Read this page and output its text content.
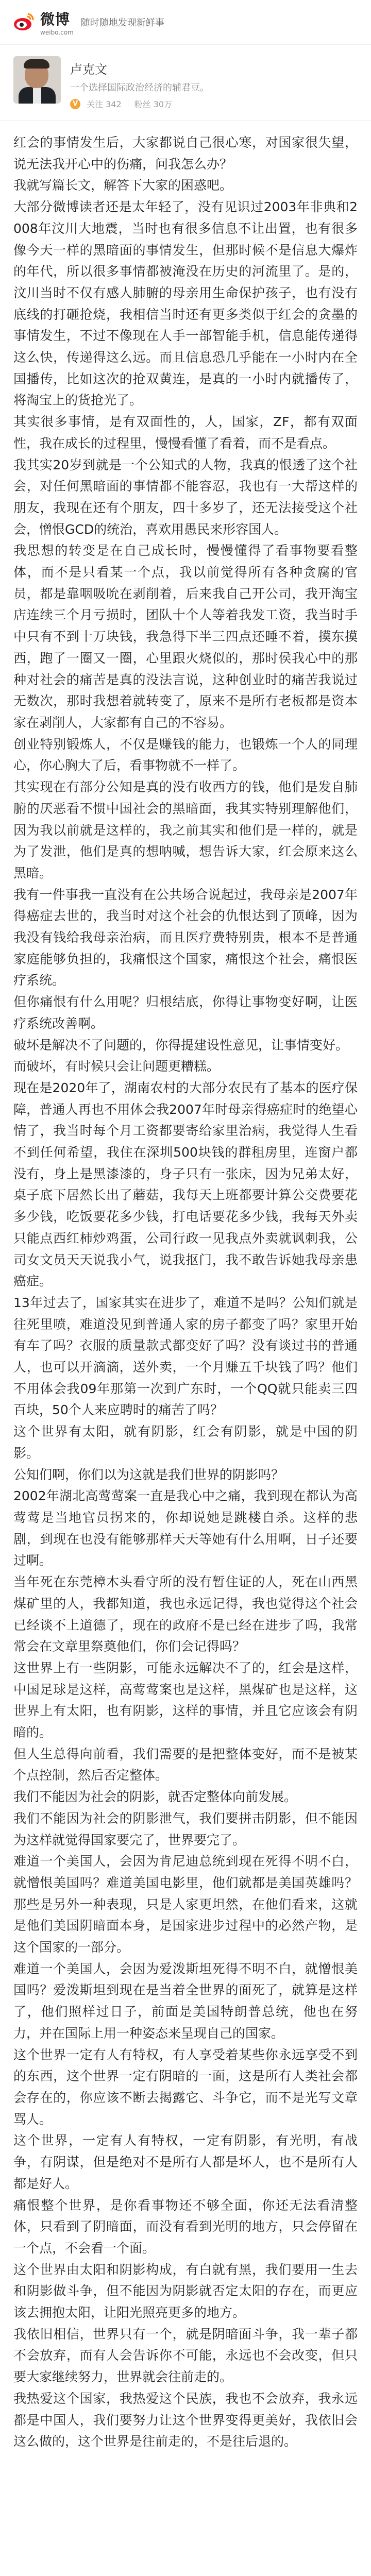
微博
weibo.com
随时随地发现新鲜事
卢克文
一个选择国际政治经济的辅君豆。
V	关注 342 粉丝 30万

红会的事情发生后，大家都说自己很心寒，对国家很失望，说无法我开心中的伤痛，问我怎么办？

我就写篇长文，解答下大家的困惑吧。

大部分微博读者还是太年轻了，没有见识过2003年非典和2008年汶川大地震，当时也有很多信息不让出置，也有很多像今天一样的黑暗面的事情发生，但那时候不是信息大爆炸的年代，所以很多事情都被淹没在历史的河流里了。是的，汶川当时不仅有感人肺腑的母亲用生命保护孩子，也有没有底线的打砸抢烧，我相信当时还有更多类似于红会的贪墨的事情发生，不过不像现在人手一部智能手机，信息能传递得这么快，传递得这么远。而且信息恐几乎能在一小时内在全国播传，比如这次的抢双黄连，是真的一小时内就播传了，将淘宝上的货抢光了。

其实很多事情，是有双面性的，人，国家，ZF，都有双面性，我在成长的过程里，慢慢看懂了看着，而不是看点。

我其实20岁到就是一个公知式的人物，我真的恨透了这个社会，对任何黑暗面的事情都不能容忍，我也有一大帮这样的朋友，我现在还有个朋友，四十多岁了，还无法接受这个社会，憎恨GCD的统治，喜欢用愚民来形容国人。

我思想的转变是在自己成长时，慢慢懂得了看事物要看整体，而不是只看某一个点，我以前觉得所有各种贪腐的官员，都是靠咽吸吮在剥削着，后来我自己开公司，我开淘宝店连续三个月亏损时，团队十个人等着我发工资，我当时手中只有不到十万块钱，我急得下半三四点还睡不着，摸东摸西，跑了一圈又一圈，心里跟火烧似的，那时侯我心中的那种对社会的痛苦是真的没法言说，这种创业时的痛苦我说过无数次，那时我想着就转变了，原来不是所有老板都是资本家在剥削人，大家都有自己的不容易。

创业特别锻炼人，不仅是赚钱的能力，也锻炼一个人的同理心，你心胸大了后，看事物就不一样了。

其实现在有部分公知是真的没有收西方的钱，他们是发自肺腑的厌恶看不惯中国社会的黑暗面，我其实特别理解他们，因为我以前就是这样的，我之前其实和他们是一样的，就是为了发泄，他们是真的想呐喊，想告诉大家，红会原来这么黑暗。

我有一件事我一直没有在公共场合说起过，我母亲是2007年得癌症去世的，我当时对这个社会的仇恨达到了顶峰，因为我没有钱给我母亲治病，而且医疗费特别贵，根本不是普通家庭能够负担的，我痛恨这个国家，痛恨这个社会，痛恨医疗系统。

但你痛恨有什么用呢？归根结底，你得让事物变好啊，让医疗系统改善啊。

破坏是解决不了问题的，你得提建设性意见，让事情变好。

而破坏，有时候只会让问题更糟糕。

现在是2020年了，湖南农村的大部分农民有了基本的医疗保障，普通人再也不用体会我2007年时母亲得癌症时的绝望心情了，我当时每个月工资都要寄给家里治病，我觉得人生看不到任何希望，我住在深圳500块钱的群租房里，连窗户都没有，身上是黑漆漆的，身子只有一张床，因为兄弟太好，桌子底下居然长出了蘑菇，我每天上班都要计算公交费要花多少钱，吃饭要花多少钱，打电话要花多少钱，我每天外卖只能点西红柿炒鸡蛋，公司行政一见我点外卖就讽刺我，公司女文员天天说我小气，说我抠门，我不敢告诉她我母亲患癌症。

13年过去了，国家其实在进步了，难道不是吗？公知们就是往死里喷，难道没见到普通人家的房子都变了吗？家里开始有车了吗？衣服的质量款式都变好了吗？没有谈过书的普通人，也可以开滴滴，送外卖，一个月赚五千块钱了吗？他们不用体会我09年那第一次到广东时，一个QQ就只能卖三四百块，50个人来应聘时的痛苦了吗？

这个世界有太阳，就有阴影，红会有阴影，就是中国的阴影。

公知们啊，你们以为这就是我们世界的阴影吗？

2002年湖北高莺莺案一直是我心中之痛，我到现在都认为高莺莺是当地官员拐来的，你却说她是跳楼自杀。这样的悲剧，到现在也没有能够那样天天等她有什么用啊，日子还要过啊。

当年死在东莞樟木头看守所的没有暂住证的人，死在山西黑煤矿里的人，我都知道，我也永远记得，我也觉得这个社会已经谈不上道德了，现在的政府不是已经在进步了吗，我常常会在文章里祭奠他们，你们会记得吗？

这世界上有一些阴影，可能永远解决不了的，红会是这样，中国足球是这样，高莺莺案也是这样，黑煤矿也是这样，这世界上有太阳，也有阴影，这样的事情，并且它应该会有阴暗的。

但人生总得向前看，我们需要的是把整体变好，而不是被某个点控制，然后否定整体。

我们不能因为社会的阴影，就否定整体向前发展。

我们不能因为社会的阴影泄气，我们要拼击阴影，但不能因为这样就觉得国家要完了，世界要完了。

难道一个美国人，会因为肯尼迪总统到现在死得不明不白，就憎恨美国吗？难道美国电影里，他们就都是美国英雄吗？那些是另外一种表现，只是人家更坦然，在他们看来，这就是他们美国阴暗面本身，是国家进步过程中的必然产物，是这个国家的一部分。

难道一个美国人，会因为爱泼斯坦死得不明不白，就憎恨美国吗？爱泼斯坦到现在是当着全世界的面死了，就算是这样了，他们照样过日子，前面是美国特朗普总统，他也在努力，并在国际上用一种姿态来呈现自己的国家。

这个世界一定有人有特权，有人享受着某些你永远享受不到的东西，这个世界一定有阴暗的一面，这是所有人类社会都会存在的，你应该不断去揭露它、斗争它，而不是光写文章骂人。

这个世界，一定有人有特权，一定有阴影，有光明，有战争，有阴谋，但是绝对不是所有人都是坏人，也不是所有人都是好人。

痛恨整个世界，是你看事物还不够全面，你还无法看清整体，只看到了阴暗面，而没有看到光明的地方，只会停留在一个点，不会看一个面。

这个世界由太阳和阴影构成，有白就有黑，我们要用一生去和阴影做斗争，但不能因为阴影就否定太阳的存在，而更应该去拥抱太阳，让阳光照亮更多的地方。

我依旧相信，世界只有一个，就是阴暗面斗争，我一辈子都不会放弃，而有人会告诉你不可能，永远也不会改变，但只要大家继续努力，世界就会往前走的。

我热爱这个国家，我热爱这个民族，我也不会放弃，我永远都是中国人，我们要努力让这个世界变得更美好，我依旧会这么做的，这个世界是往前走的，不是往后退的。
